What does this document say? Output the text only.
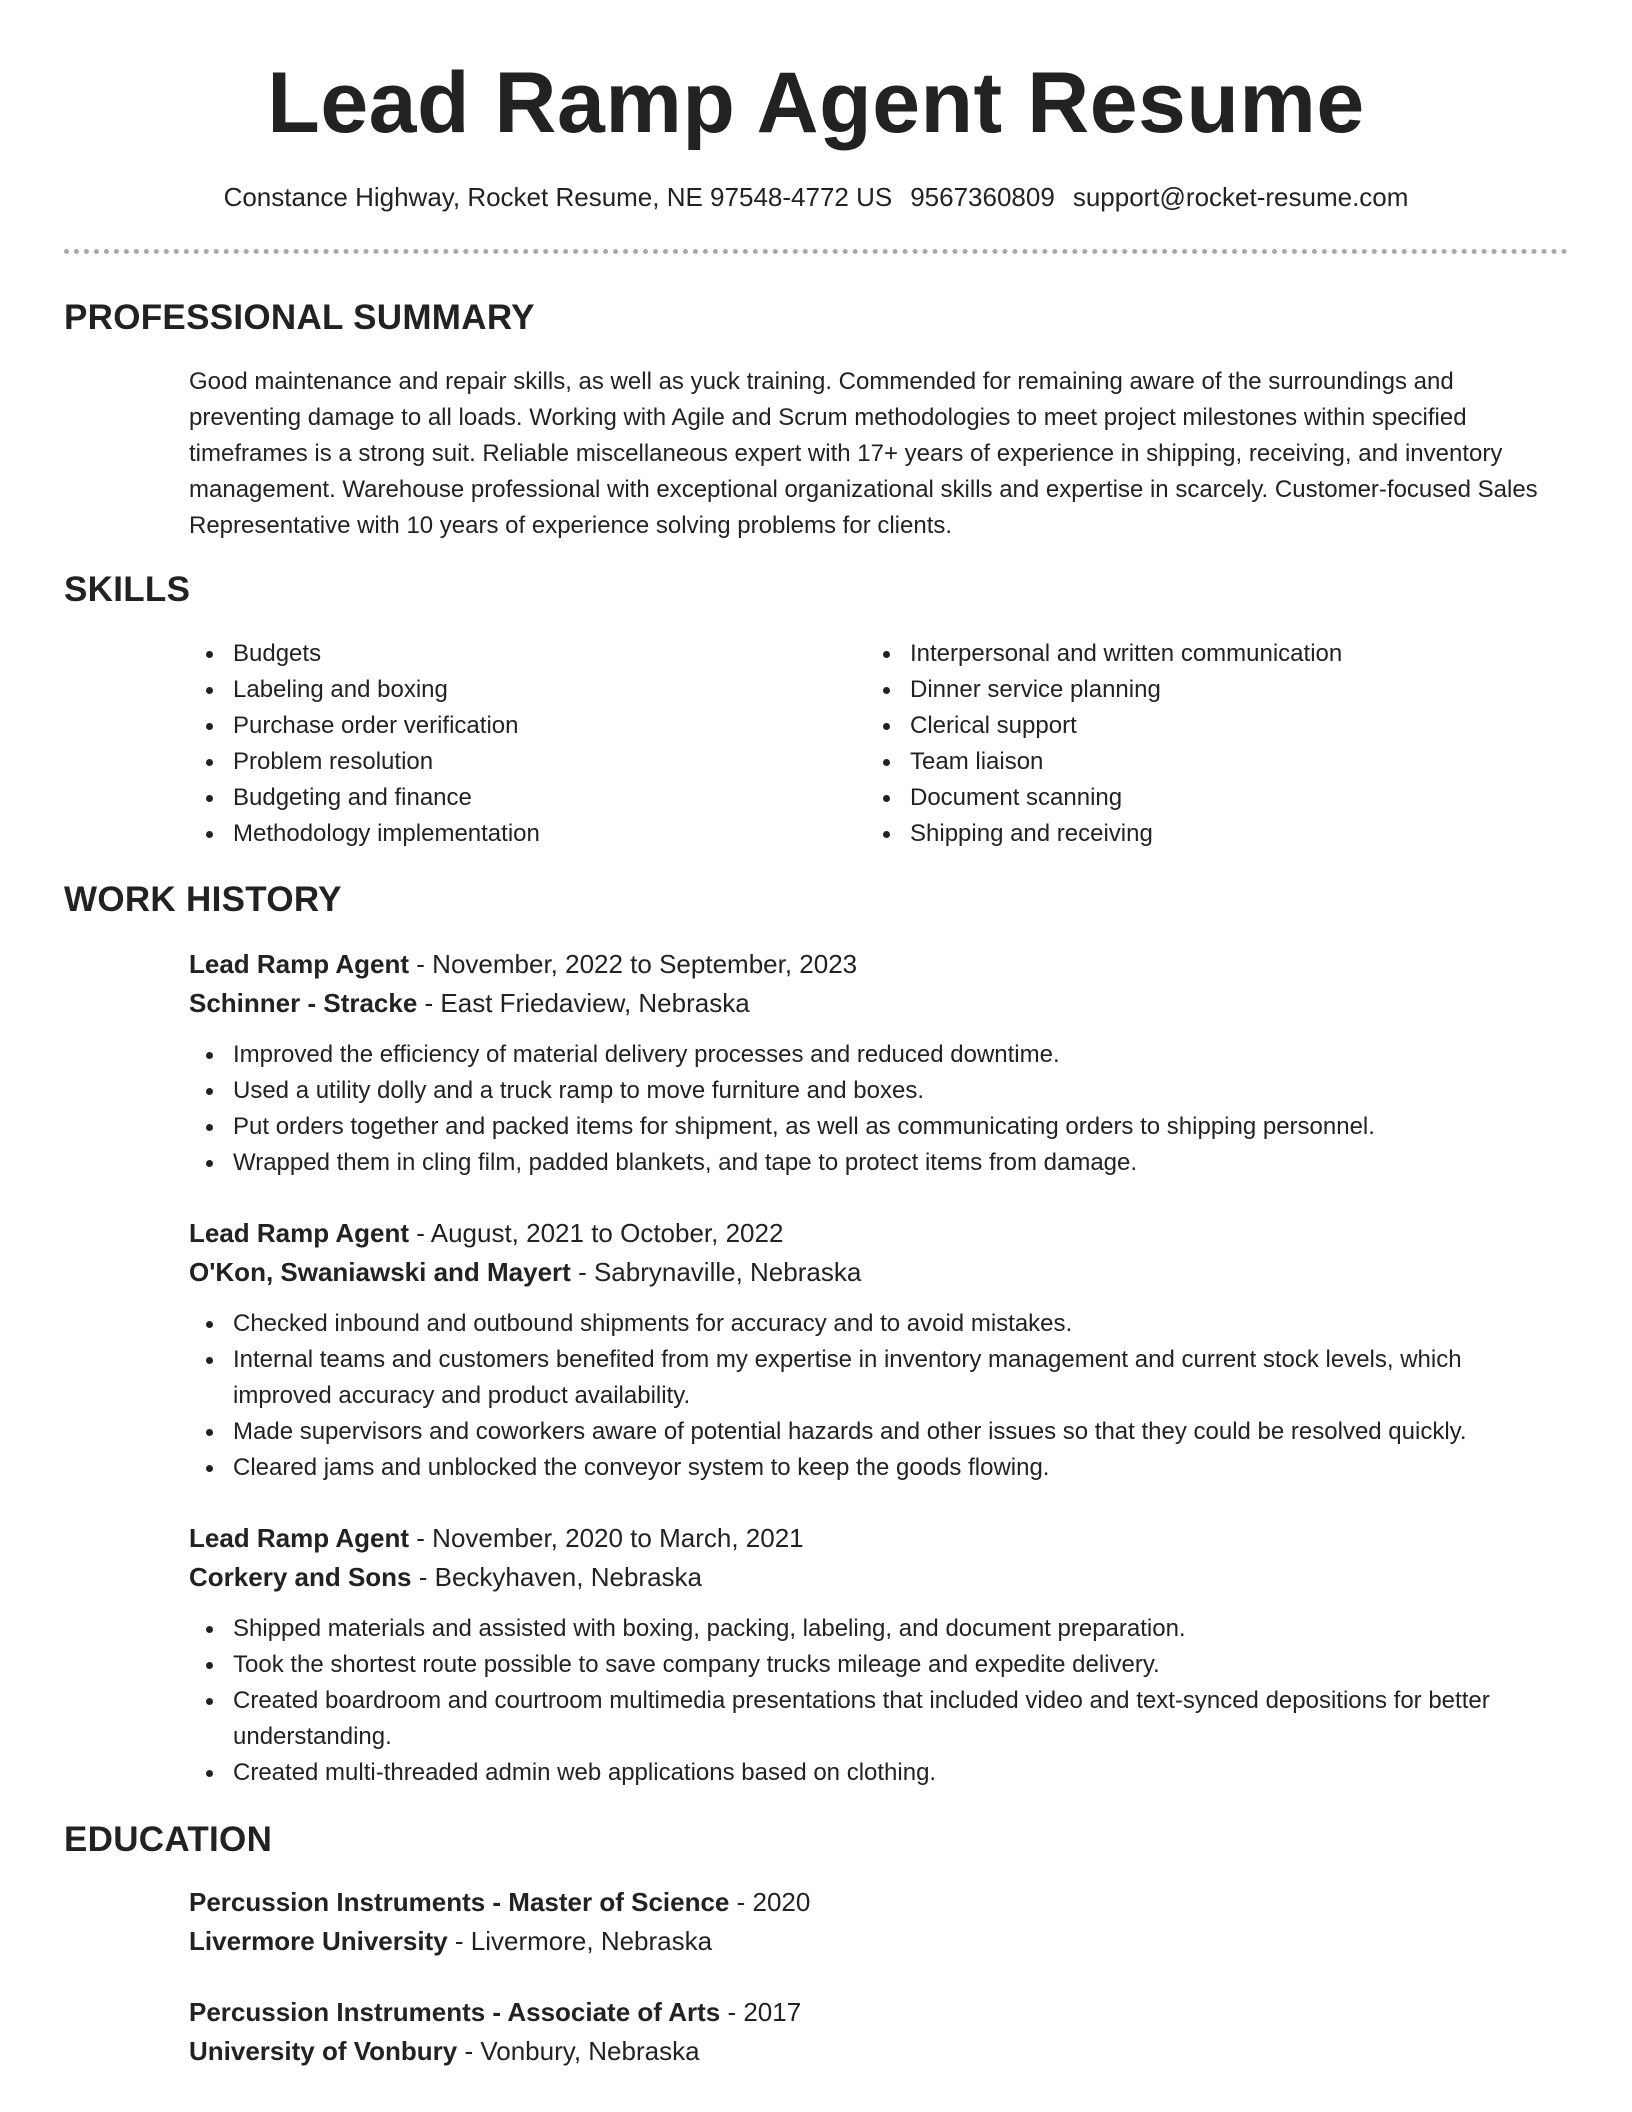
Lead Ramp Agent Resume
Constance Highway, Rocket Resume, NE 97548-4772 US 9567360809 support@rocket-resume.com
PROFESSIONAL SUMMARY
Good maintenance and repair skills, as well as yuck training. Commended for remaining aware of the surroundings and preventing damage to all loads. Working with Agile and Scrum methodologies to meet project milestones within specified timeframes is a strong suit. Reliable miscellaneous expert with 17+ years of experience in shipping, receiving, and inventory management. Warehouse professional with exceptional organizational skills and expertise in scarcely. Customer-focused Sales Representative with 10 years of experience solving problems for clients.
SKILLS
Budgets
Labeling and boxing
Purchase order verification
Problem resolution
Budgeting and finance
Methodology implementation
Interpersonal and written communication
Dinner service planning
Clerical support
Team liaison
Document scanning
Shipping and receiving
WORK HISTORY
Lead Ramp Agent - November, 2022 to September, 2023
Schinner - Stracke - East Friedaview, Nebraska
Improved the efficiency of material delivery processes and reduced downtime.
Used a utility dolly and a truck ramp to move furniture and boxes.
Put orders together and packed items for shipment, as well as communicating orders to shipping personnel.
Wrapped them in cling film, padded blankets, and tape to protect items from damage.
Lead Ramp Agent - August, 2021 to October, 2022
O'Kon, Swaniawski and Mayert - Sabrynaville, Nebraska
Checked inbound and outbound shipments for accuracy and to avoid mistakes.
Internal teams and customers benefited from my expertise in inventory management and current stock levels, which improved accuracy and product availability.
Made supervisors and coworkers aware of potential hazards and other issues so that they could be resolved quickly.
Cleared jams and unblocked the conveyor system to keep the goods flowing.
Lead Ramp Agent - November, 2020 to March, 2021
Corkery and Sons - Beckyhaven, Nebraska
Shipped materials and assisted with boxing, packing, labeling, and document preparation.
Took the shortest route possible to save company trucks mileage and expedite delivery.
Created boardroom and courtroom multimedia presentations that included video and text-synced depositions for better understanding.
Created multi-threaded admin web applications based on clothing.
EDUCATION
Percussion Instruments - Master of Science - 2020
Livermore University - Livermore, Nebraska
Percussion Instruments - Associate of Arts - 2017
University of Vonbury - Vonbury, Nebraska
